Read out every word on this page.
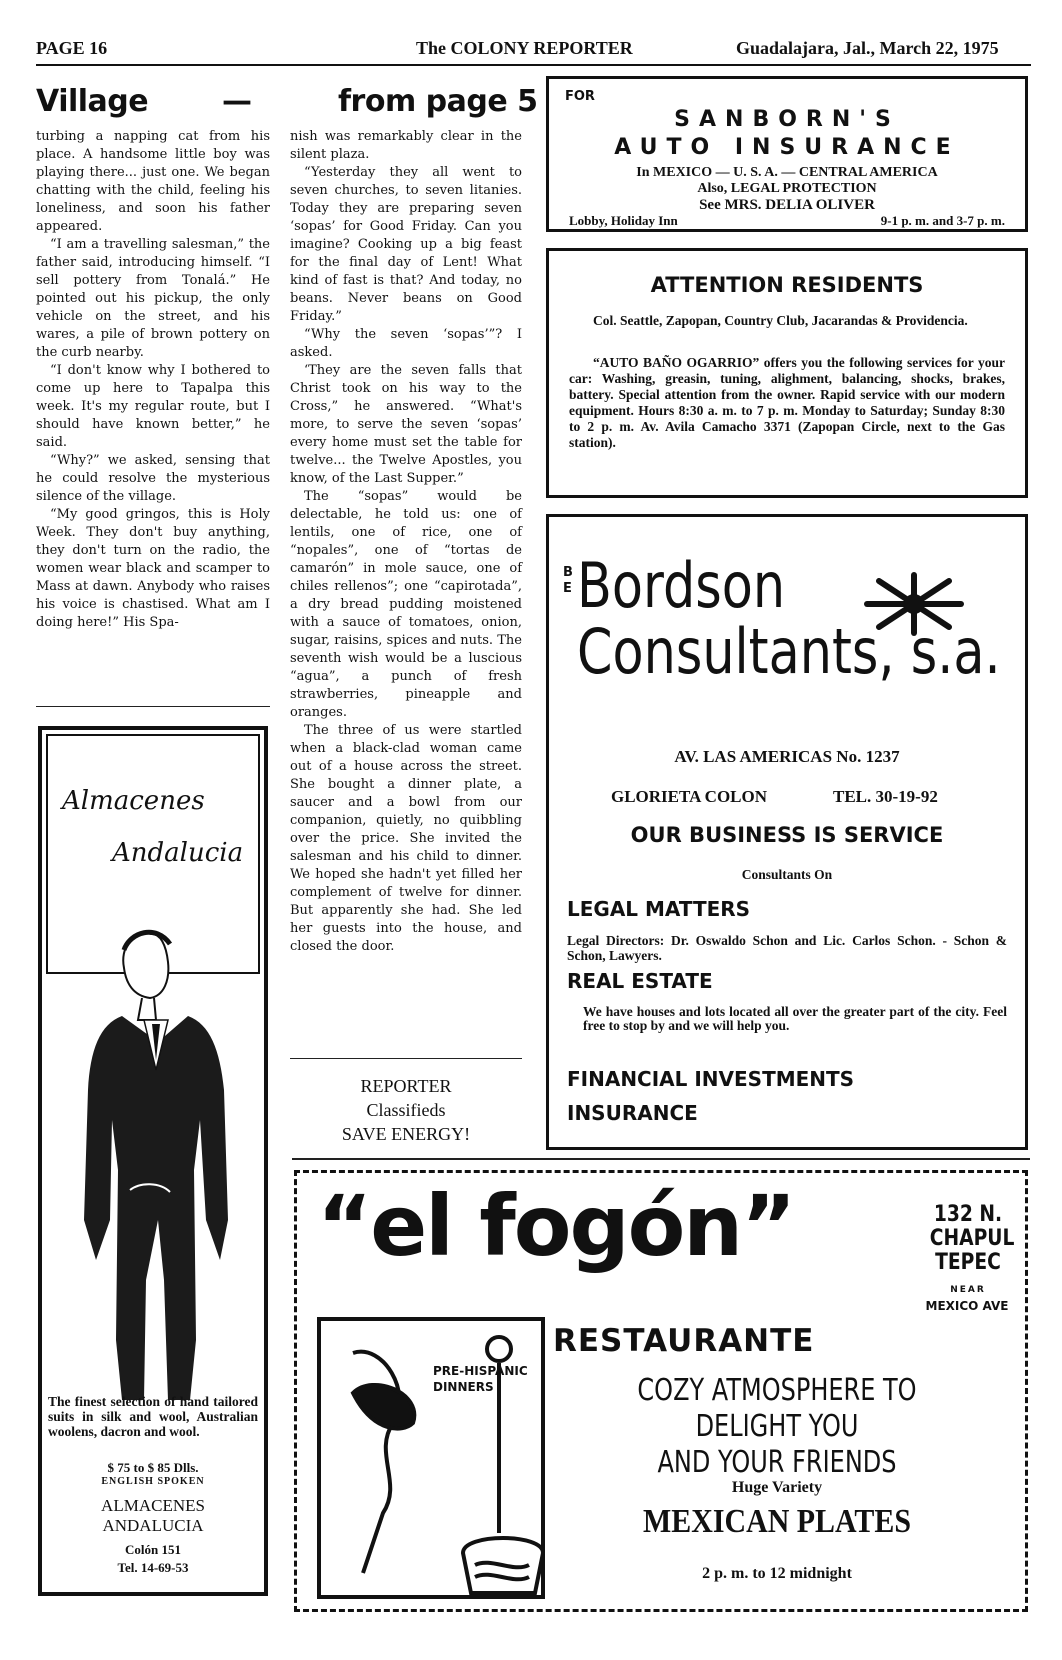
PAGE 16	The COLONY REPORTER	Guadalajara, Jal., March 22, 1975
Village —	from page 5

turbing a napping cat from his place. A handsome little boy was playing there... just one. We began chatting with the child, feeling his loneliness, and soon his father appeared.

“I am a travelling salesman,” the father said, introducing himself. “I sell pottery from Tonalá.” He pointed out his pickup, the only vehicle on the street, and his wares, a pile of brown pottery on the curb nearby.

“I don't know why I bothered to come up here to Tapalpa this week. It's my regular route, but I should have known better,” he said.

“Why?” we asked, sensing that he could resolve the mysterious silence of the village.

“My good gringos, this is Holy Week. They don't buy anything, they don't turn on the radio, the women wear black and scamper to Mass at dawn. Anybody who raises his voice is chastised. What am I doing here!” His Spa-

nish was remarkably clear in the silent plaza.

“Yesterday they all went to seven churches, to seven litanies. Today they are preparing seven ‘sopas’ for Good Friday. Can you imagine? Cooking up a big feast for the final day of Lent! What kind of fast is that? And today, no beans. Never beans on Good Friday.”

“Why the seven ‘sopas’”? I asked.

‘They are the seven falls that Christ took on his way to the Cross,” he answered. “What's more, to serve the seven ‘sopas’ every home must set the table for twelve... the Twelve Apostles, you know, of the Last Supper.”

The “sopas” would be delectable, he told us: one of lentils, one of rice, one of “nopales”, one of “tortas de camarón” in mole sauce, one of chiles rellenos”; one “capirotada”, a dry bread pudding moistened with a sauce of tomatoes, onion, sugar, raisins, spices and nuts. The seventh wish would be a luscious “agua”, a punch of fresh strawberries, pineapple and oranges.

The three of us were startled when a black-clad woman came out of a house across the street. She bought a dinner plate, a saucer and a bowl from our companion, quietly, no quibbling over the price. She invited the salesman and his child to dinner. We hoped she hadn't yet filled her complement of twelve for dinner. But apparently she had. She led her guests into the house, and closed the door.

REPORTER
Classifieds
SAVE ENERGY!
FOR
SANBORN'S
AUTO INSURANCE
In MEXICO — U. S. A. — CENTRAL AMERICA
Also, LEGAL PROTECTION
See MRS. DELIA OLIVER
Lobby, Holiday Inn	9-1 p. m. and 3-7 p. m.
ATTENTION RESIDENTS
Col. Seattle, Zapopan, Country Club, Jacarandas & Providencia.
“AUTO BAÑO OGARRIO” offers you the following services for your car: Washing, greasin, tuning, alighment, balancing, shocks, brakes, battery. Special attention from the owner. Rapid service with our modern equipment. Hours 8:30 a. m. to 7 p. m. Monday to Saturday; Sunday 8:30 to 2 p. m. Av. Avila Camacho 3371 (Zapopan Circle, next to the Gas station).
B E Bordson
Consultants, s.a.
AV. LAS AMERICAS No. 1237
GLORIETA COLON	TEL. 30-19-92
OUR BUSINESS IS SERVICE
Consultants On
LEGAL MATTERS
Legal Directors: Dr. Oswaldo Schon and Lic. Carlos Schon. - Schon & Schon, Lawyers.
REAL ESTATE
We have houses and lots located all over the greater part of the city. Feel free to stop by and we will help you.
FINANCIAL INVESTMENTS
INSURANCE
Almacenes
Andalucia
The finest selection of hand tailored suits in silk and wool, Australian woolens, dacron and wool.
$ 75 to $ 85 Dlls.
ENGLISH SPOKEN
ALMACENES
ANDALUCIA
Colón 151
Tel. 14-69-53
“el fogón”	132 N.
CHAPUL
TEPEC
NEAR
MEXICO AVE
PRE-HISPANIC
DINNERS
RESTAURANTE
COZY ATMOSPHERE TO DELIGHT YOU
AND YOUR FRIENDS
Huge Variety
MEXICAN PLATES
2 p. m. to 12 midnight
